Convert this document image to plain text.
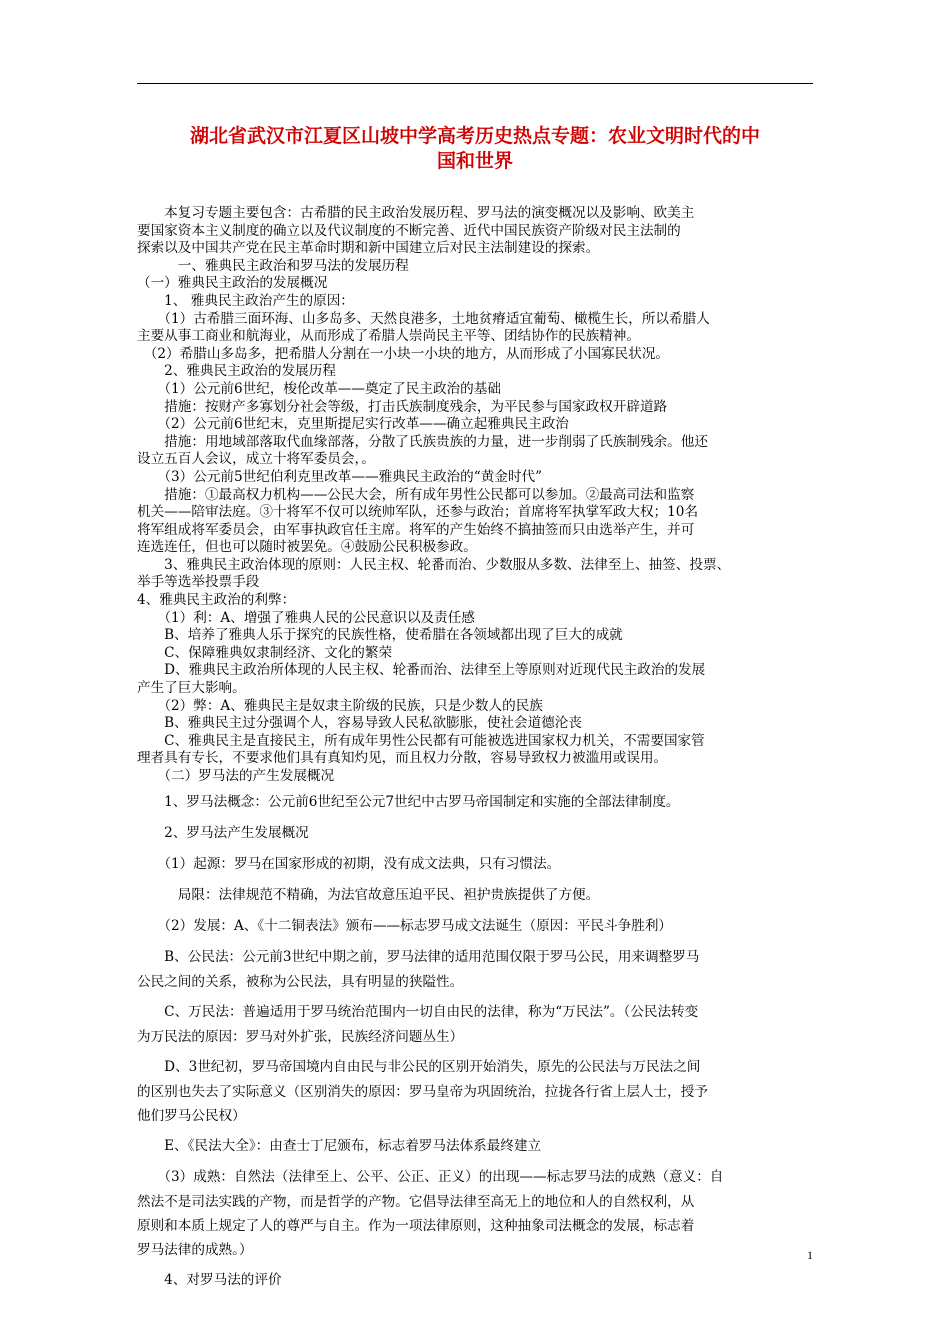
湖北省武汉市江夏区山坡中学高考历史热点专题：农业文明时代的中
国和世界

　　本复习专题主要包含：古希腊的民主政治发展历程、罗马法的演变概况以及影响、欧美主

要国家资本主义制度的确立以及代议制度的不断完善、近代中国民族资产阶级对民主法制的

探索以及中国共产党在民主革命时期和新中国建立后对民主法制建设的探索。

　　　一、雅典民主政治和罗马法的发展历程

（一）雅典民主政治的发展概况

　　1、 雅典民主政治产生的原因：

　　（1）古希腊三面环海、山多岛多、天然良港多，土地贫瘠适宜葡萄、橄榄生长，所以希腊人

主要从事工商业和航海业，从而形成了希腊人崇尚民主平等、团结协作的民族精神。

　（2）希腊山多岛多，把希腊人分割在一小块一小块的地方，从而形成了小国寡民状况。

　　2、雅典民主政治的发展历程

　　（1）公元前6世纪，梭伦改革——奠定了民主政治的基础

　　措施：按财产多寡划分社会等级，打击氏族制度残余，为平民参与国家政权开辟道路

　　（2）公元前6世纪末，克里斯提尼实行改革——确立起雅典民主政治

　　措施：用地域部落取代血缘部落，分散了氏族贵族的力量，进一步削弱了氏族制残余。他还

设立五百人会议，成立十将军委员会，。

　　（3）公元前5世纪伯利克里改革——雅典民主政治的“黄金时代”

　　措施：①最高权力机构——公民大会，所有成年男性公民都可以参加。②最高司法和监察

机关——陪审法庭。③十将军不仅可以统帅军队，还参与政治；首席将军执掌军政大权；10名

将军组成将军委员会，由军事执政官任主席。将军的产生始终不搞抽签而只由选举产生，并可

连选连任，但也可以随时被罢免。④鼓励公民积极参政。

　　3、雅典民主政治体现的原则：人民主权、轮番而治、少数服从多数、法律至上、抽签、投票、

举手等选举投票手段

4、雅典民主政治的利弊：

　　（1）利：A、增强了雅典人民的公民意识以及责任感

　　B、培养了雅典人乐于探究的民族性格，使希腊在各领域都出现了巨大的成就

　　C、保障雅典奴隶制经济、文化的繁荣

　　D、雅典民主政治所体现的人民主权、轮番而治、法律至上等原则对近现代民主政治的发展

产生了巨大影响。

　　（2）弊：A、雅典民主是奴隶主阶级的民族，只是少数人的民族

　　B、雅典民主过分强调个人，容易导致人民私欲膨胀，使社会道德沦丧

　　C、雅典民主是直接民主，所有成年男性公民都有可能被选进国家权力机关，不需要国家管

理者具有专长，不要求他们具有真知灼见，而且权力分散，容易导致权力被滥用或误用。

　　（二）罗马法的产生发展概况

　　1、罗马法概念：公元前6世纪至公元7世纪中古罗马帝国制定和实施的全部法律制度。

　　2、罗马法产生发展概况

　　（1）起源：罗马在国家形成的初期，没有成文法典，只有习惯法。

　　　局限：法律规范不精确，为法官故意压迫平民、袒护贵族提供了方便。

　　（2）发展：A、《十二铜表法》颁布——标志罗马成文法诞生（原因：平民斗争胜利）

　　B、公民法：公元前3世纪中期之前，罗马法律的适用范围仅限于罗马公民，用来调整罗马

公民之间的关系，被称为公民法，具有明显的狭隘性。

　　C、万民法：普遍适用于罗马统治范围内一切自由民的法律，称为“万民法”。（公民法转变

为万民法的原因：罗马对外扩张，民族经济问题丛生）

　　D、3世纪初，罗马帝国境内自由民与非公民的区别开始消失，原先的公民法与万民法之间

的区别也失去了实际意义（区别消失的原因：罗马皇帝为巩固统治，拉拢各行省上层人士，授予

他们罗马公民权）

　　E、《民法大全》：由查士丁尼颁布，标志着罗马法体系最终建立

　　（3）成熟：自然法（法律至上、公平、公正、正义）的出现——标志罗马法的成熟（意义：自

然法不是司法实践的产物，而是哲学的产物。它倡导法律至高无上的地位和人的自然权利，从

原则和本质上规定了人的尊严与自主。作为一项法律原则，这种抽象司法概念的发展，标志着

罗马法律的成熟。）

　　4、对罗马法的评价

1
